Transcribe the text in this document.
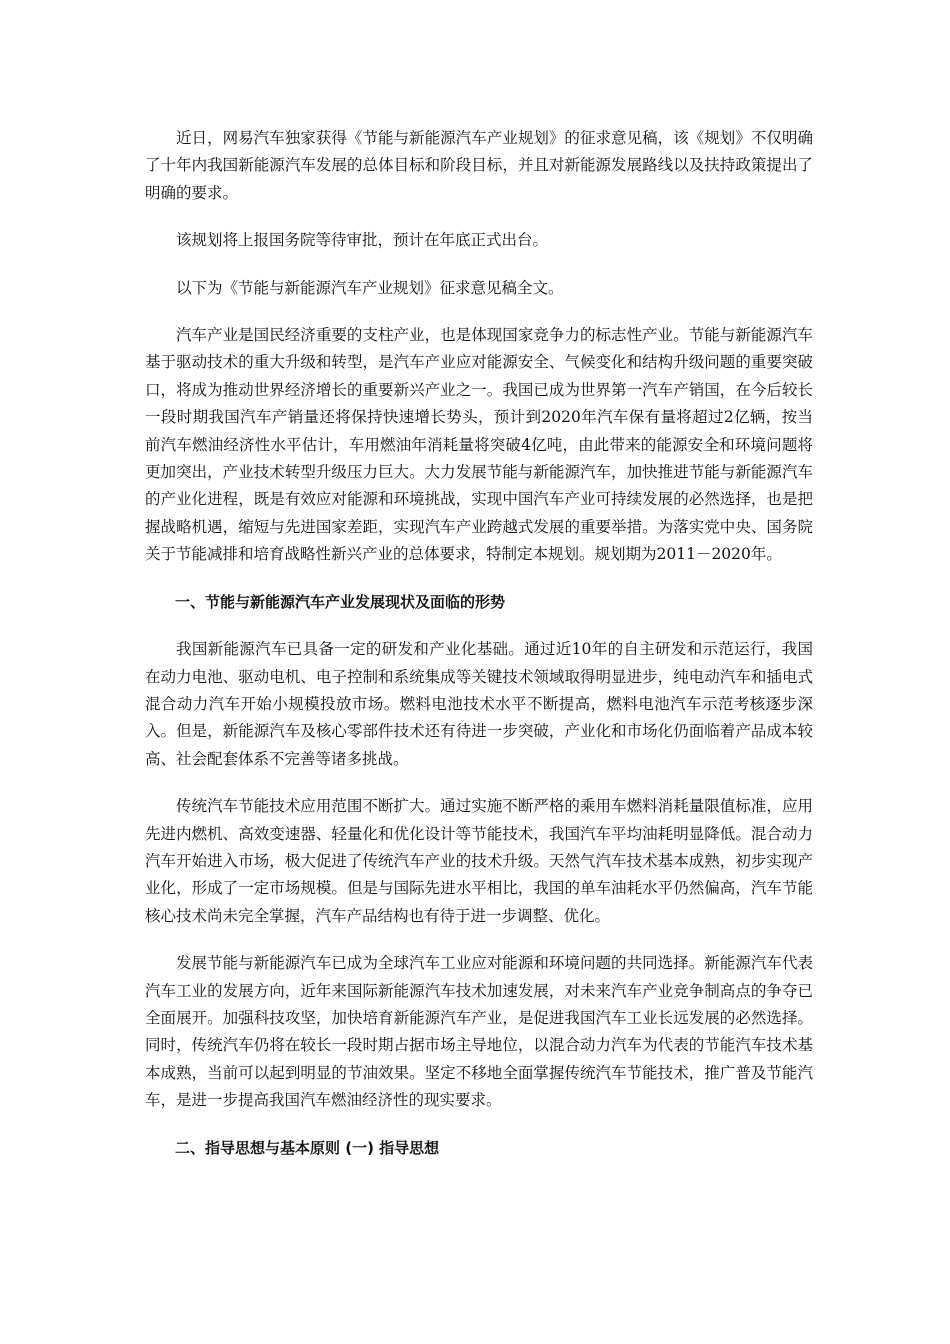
近日，网易汽车独家获得《节能与新能源汽车产业规划》的征求意见稿，该《规划》不仅明确了十年内我国新能源汽车发展的总体目标和阶段目标，并且对新能源发展路线以及扶持政策提出了明确的要求。

该规划将上报国务院等待审批，预计在年底正式出台。

以下为《节能与新能源汽车产业规划》征求意见稿全文。

汽车产业是国民经济重要的支柱产业，也是体现国家竞争力的标志性产业。节能与新能源汽车基于驱动技术的重大升级和转型，是汽车产业应对能源安全、气候变化和结构升级问题的重要突破口，将成为推动世界经济增长的重要新兴产业之一。我国已成为世界第一汽车产销国，在今后较长一段时期我国汽车产销量还将保持快速增长势头，预计到2020年汽车保有量将超过2亿辆，按当前汽车燃油经济性水平估计，车用燃油年消耗量将突破4亿吨，由此带来的能源安全和环境问题将更加突出，产业技术转型升级压力巨大。大力发展节能与新能源汽车，加快推进节能与新能源汽车的产业化进程，既是有效应对能源和环境挑战，实现中国汽车产业可持续发展的必然选择，也是把握战略机遇，缩短与先进国家差距，实现汽车产业跨越式发展的重要举措。为落实党中央、国务院关于节能减排和培育战略性新兴产业的总体要求，特制定本规划。规划期为2011－2020年。

一、节能与新能源汽车产业发展现状及面临的形势

我国新能源汽车已具备一定的研发和产业化基础。通过近10年的自主研发和示范运行，我国在动力电池、驱动电机、电子控制和系统集成等关键技术领域取得明显进步，纯电动汽车和插电式混合动力汽车开始小规模投放市场。燃料电池技术水平不断提高，燃料电池汽车示范考核逐步深入。但是，新能源汽车及核心零部件技术还有待进一步突破，产业化和市场化仍面临着产品成本较高、社会配套体系不完善等诸多挑战。

传统汽车节能技术应用范围不断扩大。通过实施不断严格的乘用车燃料消耗量限值标准，应用先进内燃机、高效变速器、轻量化和优化设计等节能技术，我国汽车平均油耗明显降低。混合动力汽车开始进入市场，极大促进了传统汽车产业的技术升级。天然气汽车技术基本成熟，初步实现产业化，形成了一定市场规模。但是与国际先进水平相比，我国的单车油耗水平仍然偏高，汽车节能核心技术尚未完全掌握，汽车产品结构也有待于进一步调整、优化。

发展节能与新能源汽车已成为全球汽车工业应对能源和环境问题的共同选择。新能源汽车代表汽车工业的发展方向，近年来国际新能源汽车技术加速发展，对未来汽车产业竞争制高点的争夺已全面展开。加强科技攻坚，加快培育新能源汽车产业，是促进我国汽车工业长远发展的必然选择。同时，传统汽车仍将在较长一段时期占据市场主导地位，以混合动力汽车为代表的节能汽车技术基本成熟，当前可以起到明显的节油效果。坚定不移地全面掌握传统汽车节能技术，推广普及节能汽车，是进一步提高我国汽车燃油经济性的现实要求。

二、指导思想与基本原则 (一) 指导思想
